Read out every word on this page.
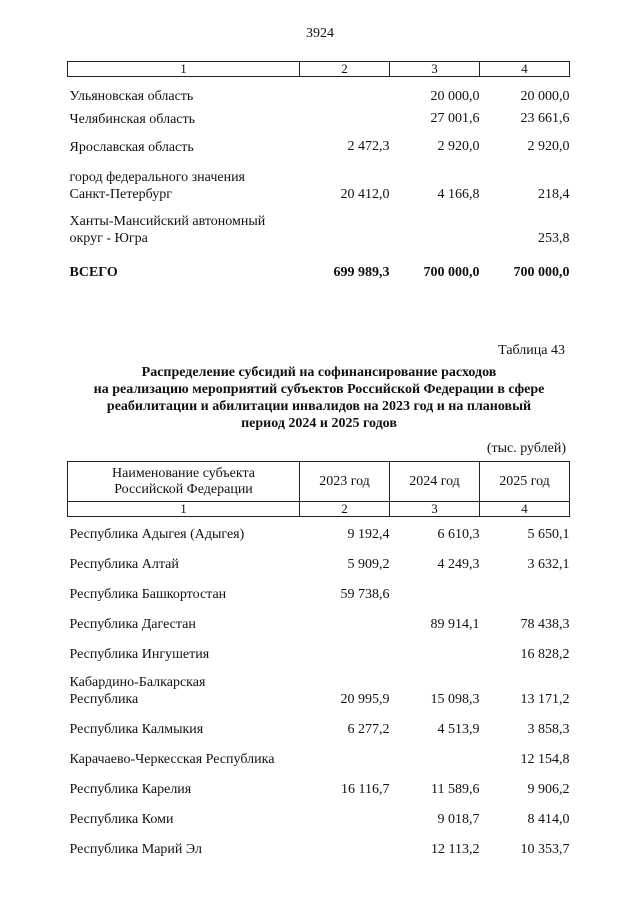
3924
1	2	3	4
Ульяновская область		20 000,0	20 000,0
Челябинская область		27 001,6	23 661,6
Ярославская область	2 472,3	2 920,0	2 920,0

город федерального значения
Санкт-Петербург	20 412,0	4 166,8	218,4

Ханты-Мансийский автономный
округ - Югра			253,8
ВСЕГО	699 989,3	700 000,0	700 000,0
Таблица 43
Распределение субсидий на софинансирование расходов
на реализацию мероприятий субъектов Российской Федерации в сфере
реабилитации и абилитации инвалидов на 2023 год и на плановый
период 2024 и 2025 годов
(тыс. рублей)
Наименование субъекта
Российской Федерации	2023 год	2024 год	2025 год
1	2	3	4
Республика Адыгея (Адыгея)	9 192,4	6 610,3	5 650,1
Республика Алтай	5 909,2	4 249,3	3 632,1
Республика Башкортостан	59 738,6		
Республика Дагестан		89 914,1	78 438,3
Республика Ингушетия			16 828,2

Кабардино-Балкарская
Республика	20 995,9	15 098,3	13 171,2
Республика Калмыкия	6 277,2	4 513,9	3 858,3
Карачаево-Черкесская Республика			12 154,8
Республика Карелия	16 116,7	11 589,6	9 906,2
Республика Коми		9 018,7	8 414,0
Республика Марий Эл		12 113,2	10 353,7
